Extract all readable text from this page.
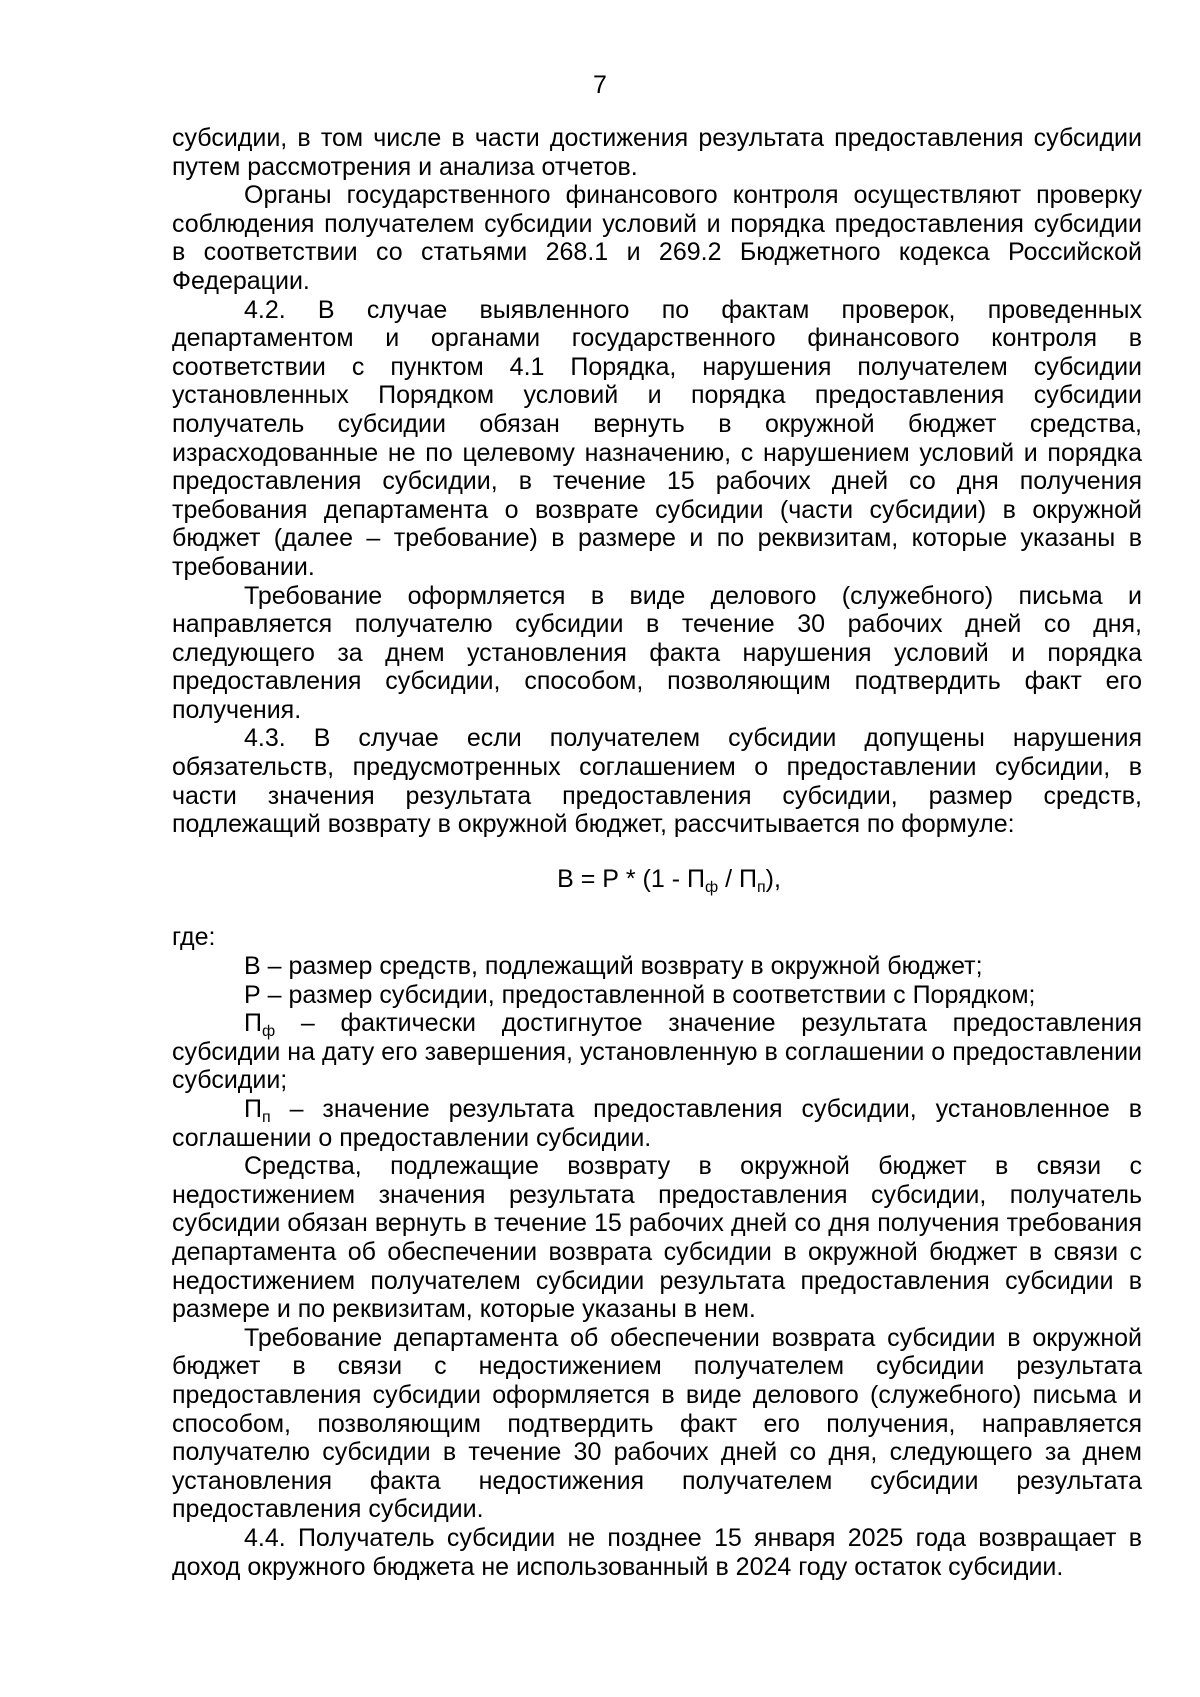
7

субсидии, в том числе в части достижения результата предоставления субсидии путем рассмотрения и анализа отчетов.

Органы государственного финансового контроля осуществляют проверку соблюдения получателем субсидии условий и порядка предоставления субсидии в соответствии со статьями 268.1 и 269.2 Бюджетного кодекса Российской Федерации.

4.2. В случае выявленного по фактам проверок, проведенных департаментом и органами государственного финансового контроля в соответствии с пунктом 4.1 Порядка, нарушения получателем субсидии установленных Порядком условий и порядка предоставления субсидии получатель субсидии обязан вернуть в окружной бюджет средства, израсходованные не по целевому назначению, с нарушением условий и порядка предоставления субсидии, в течение 15 рабочих дней со дня получения требования департамента о возврате субсидии (части субсидии) в окружной бюджет (далее – требование) в размере и по реквизитам, которые указаны в требовании.

Требование оформляется в виде делового (служебного) письма и направляется получателю субсидии в течение 30 рабочих дней со дня, следующего за днем установления факта нарушения условий и порядка предоставления субсидии, способом, позволяющим подтвердить факт его получения.

4.3. В случае если получателем субсидии допущены нарушения обязательств, предусмотренных соглашением о предоставлении субсидии, в части значения результата предоставления субсидии, размер средств, подлежащий возврату в окружной бюджет, рассчитывается по формуле:

$В = Р * (1 - П_ф / П_п)$,

где:

В – размер средств, подлежащий возврату в окружной бюджет;

Р – размер субсидии, предоставленной в соответствии с Порядком;

$П_ф$ – фактически достигнутое значение результата предоставления субсидии на дату его завершения, установленную в соглашении о предоставлении субсидии;

$П_п$ – значение результата предоставления субсидии, установленное в соглашении о предоставлении субсидии.

Средства, подлежащие возврату в окружной бюджет в связи с недостижением значения результата предоставления субсидии, получатель субсидии обязан вернуть в течение 15 рабочих дней со дня получения требования департамента об обеспечении возврата субсидии в окружной бюджет в связи с недостижением получателем субсидии результата предоставления субсидии в размере и по реквизитам, которые указаны в нем.

Требование департамента об обеспечении возврата субсидии в окружной бюджет в связи с недостижением получателем субсидии результата предоставления субсидии оформляется в виде делового (служебного) письма и способом, позволяющим подтвердить факт его получения, направляется получателю субсидии в течение 30 рабочих дней со дня, следующего за днем установления факта недостижения получателем субсидии результата предоставления субсидии.

4.4. Получатель субсидии не позднее 15 января 2025 года возвращает в доход окружного бюджета не использованный в 2024 году остаток субсидии.
